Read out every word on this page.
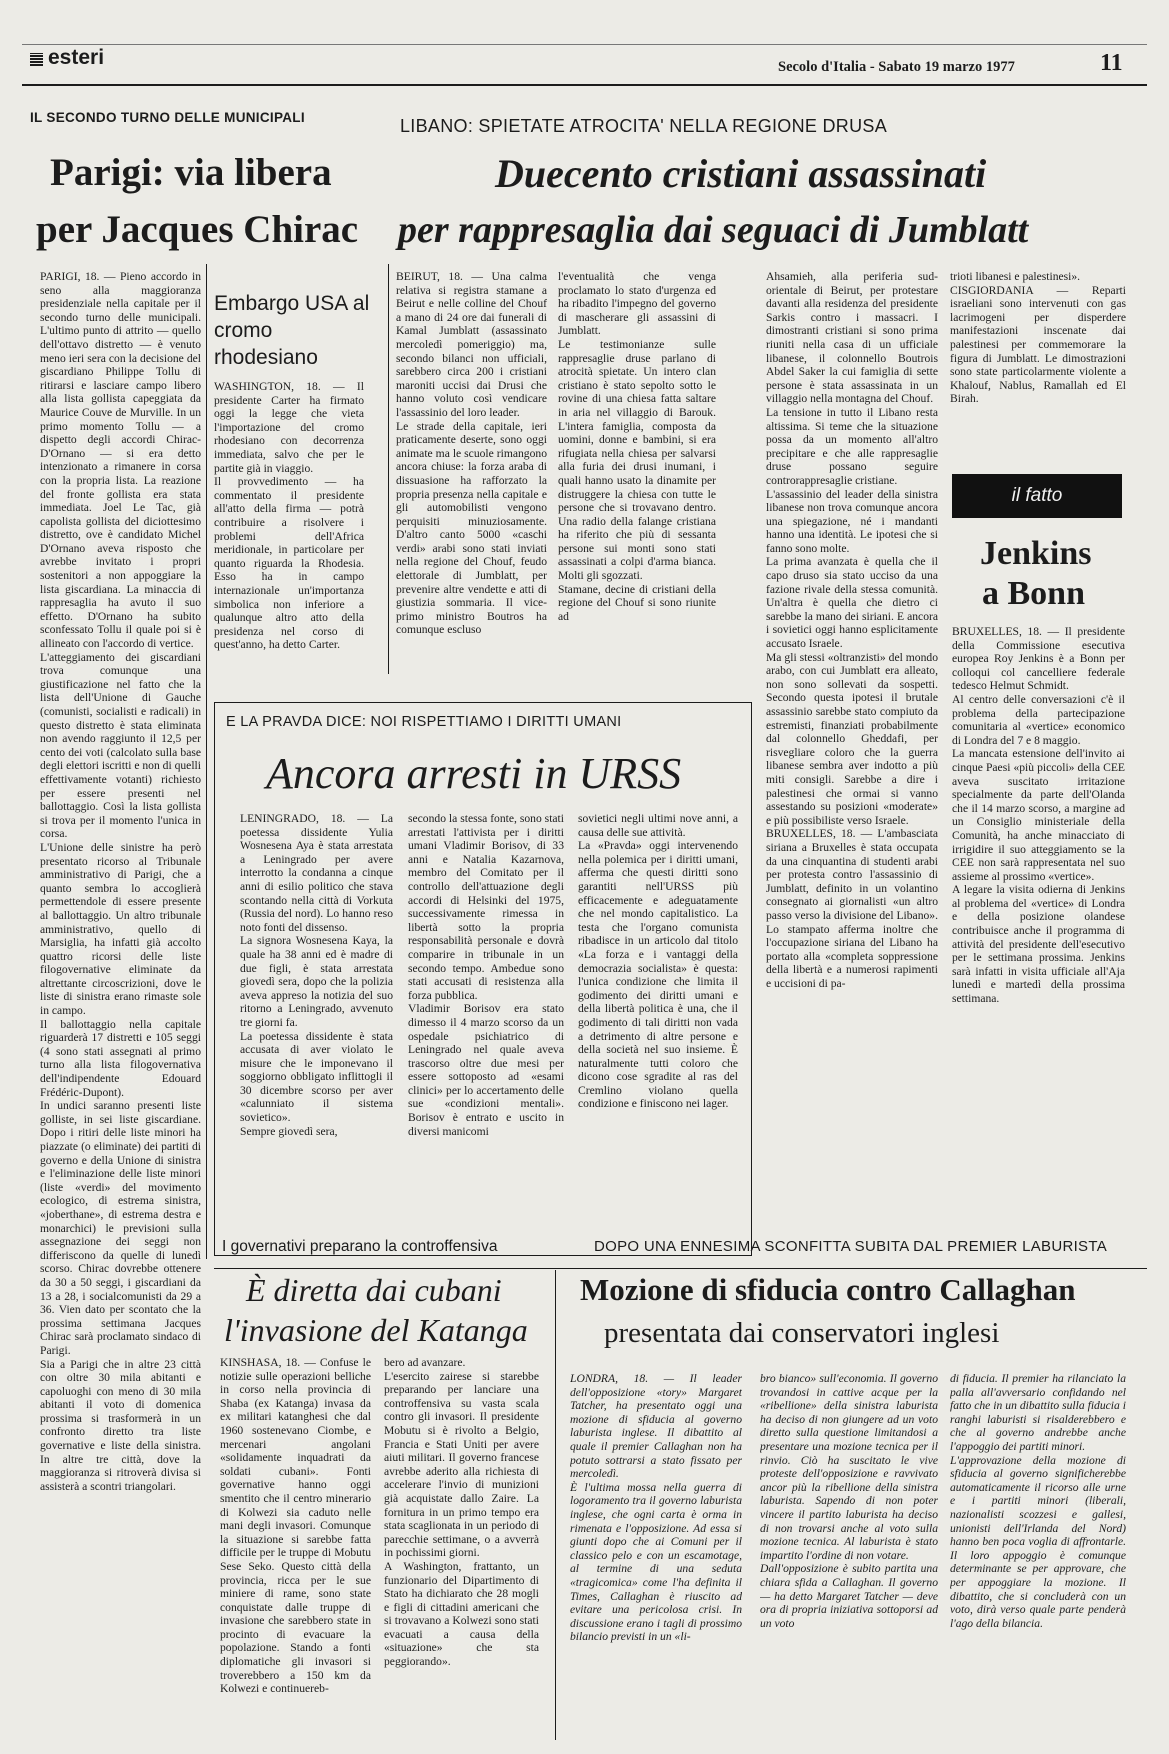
esteri	Secolo d'Italia - Sabato 19 marzo 1977	11
IL SECONDO TURNO DELLE MUNICIPALI
Parigi: via libera
per Jacques Chirac
PARIGI, 18. — Pieno accordo in seno alla maggioranza presidenziale nella capitale per il secondo turno delle municipali. L'ultimo punto di attrito — quello dell'ottavo distretto — è venuto meno ieri sera con la decisione del giscardiano Philippe Tollu di ritirarsi e lasciare campo libero alla lista gollista capeggiata da Maurice Couve de Murville. In un primo momento Tollu — a dispetto degli accordi Chirac-D'Ornano — si era detto intenzionato a rimanere in corsa con la propria lista. La reazione del fronte gollista era stata immediata. Joel Le Tac, già capolista gollista del diciottesimo distretto, ove è candidato Michel D'Ornano aveva risposto che avrebbe invitato i propri sostenitori a non appoggiare la lista giscardiana. La minaccia di rappresaglia ha avuto il suo effetto. D'Ornano ha subito sconfessato Tollu il quale poi si è allineato con l'accordo di vertice.
L'atteggiamento dei giscardiani trova comunque una giustificazione nel fatto che la lista dell'Unione di Gauche (comunisti, socialisti e radicali) in questo distretto è stata eliminata non avendo raggiunto il 12,5 per cento dei voti (calcolato sulla base degli elettori iscritti e non di quelli effettivamente votanti) richiesto per essere presenti nel ballottaggio. Così la lista gollista si trova per il momento l'unica in corsa.
L'Unione delle sinistre ha però presentato ricorso al Tribunale amministrativo di Parigi, che a quanto sembra lo accoglierà permettendole di essere presente al ballottaggio. Un altro tribunale amministrativo, quello di Marsiglia, ha infatti già accolto quattro ricorsi delle liste filogovernative eliminate da altrettante circoscrizioni, dove le liste di sinistra erano rimaste sole in campo.
Il ballottaggio nella capitale riguarderà 17 distretti e 105 seggi (4 sono stati assegnati al primo turno alla lista filogovernativa dell'indipendente Edouard Frédéric-Dupont).
In undici saranno presenti liste golliste, in sei liste giscardiane. Dopo i ritiri delle liste minori ha piazzate (o eliminate) dei partiti di governo e della Unione di sinistra e l'eliminazione delle liste minori (liste «verdi» del movimento ecologico, di estrema sinistra, «joberthane», di estrema destra e monarchici) le previsioni sulla assegnazione dei seggi non differiscono da quelle di lunedì scorso. Chirac dovrebbe ottenere da 30 a 50 seggi, i giscardiani da 13 a 28, i socialcomunisti da 29 a 36. Vien dato per scontato che la prossima settimana Jacques Chirac sarà proclamato sindaco di Parigi.
Sia a Parigi che in altre 23 città con oltre 30 mila abitanti e capoluoghi con meno di 30 mila abitanti il voto di domenica prossima si trasformerà in un confronto diretto tra liste governative e liste della sinistra. In altre tre città, dove la maggioranza si ritroverà divisa si assisterà a scontri triangolari.
Embargo USA al cromo rhodesiano
WASHINGTON, 18. — Il presidente Carter ha firmato oggi la legge che vieta l'importazione del cromo rhodesiano con decorrenza immediata, salvo che per le partite già in viaggio.
Il provvedimento — ha commentato il presidente all'atto della firma — potrà contribuire a risolvere i problemi dell'Africa meridionale, in particolare per quanto riguarda la Rhodesia. Esso ha in campo internazionale un'importanza simbolica non inferiore a qualunque altro atto della presidenza nel corso di quest'anno, ha detto Carter.
LIBANO: SPIETATE ATROCITA' NELLA REGIONE DRUSA
Duecento cristiani assassinati
per rappresaglia dai seguaci di Jumblatt
BEIRUT, 18. — Una calma relativa si registra stamane a Beirut e nelle colline del Chouf a mano di 24 ore dai funerali di Kamal Jumblatt (assassinato mercoledì pomeriggio) ma, secondo bilanci non ufficiali, sarebbero circa 200 i cristiani maroniti uccisi dai Drusi che hanno voluto così vendicare l'assassinio del loro leader.
Le strade della capitale, ieri praticamente deserte, sono oggi animate ma le scuole rimangono ancora chiuse: la forza araba di dissuasione ha rafforzato la propria presenza nella capitale e gli automobilisti vengono perquisiti minuziosamente. D'altro canto 5000 «caschi verdi» arabi sono stati inviati nella regione del Chouf, feudo elettorale di Jumblatt, per prevenire altre vendette e atti di giustizia sommaria. Il vice-primo ministro Boutros ha comunque escluso
l'eventualità che venga proclamato lo stato d'urgenza ed ha ribadito l'impegno del governo di mascherare gli assassini di Jumblatt.
Le testimonianze sulle rappresaglie druse parlano di atrocità spietate. Un intero clan cristiano è stato sepolto sotto le rovine di una chiesa fatta saltare in aria nel villaggio di Barouk. L'intera famiglia, composta da uomini, donne e bambini, si era rifugiata nella chiesa per salvarsi alla furia dei drusi inumani, i quali hanno usato la dinamite per distruggere la chiesa con tutte le persone che si trovavano dentro. Una radio della falange cristiana ha riferito che più di sessanta persone sui monti sono stati assassinati a colpi d'arma bianca. Molti gli sgozzati.
Stamane, decine di cristiani della regione del Chouf si sono riunite ad
Ahsamieh, alla periferia sud-orientale di Beirut, per protestare davanti alla residenza del presidente Sarkis contro i massacri. I dimostranti cristiani si sono prima riuniti nella casa di un ufficiale libanese, il colonnello Boutrois Abdel Saker la cui famiglia di sette persone è stata assassinata in un villaggio nella montagna del Chouf.
La tensione in tutto il Libano resta altissima. Si teme che la situazione possa da un momento all'altro precipitare e che alle rappresaglie druse possano seguire controrappresaglie cristiane.
L'assassinio del leader della sinistra libanese non trova comunque ancora una spiegazione, né i mandanti hanno una identità. Le ipotesi che si fanno sono molte.
La prima avanzata è quella che il capo druso sia stato ucciso da una fazione rivale della stessa comunità. Un'altra è quella che dietro ci sarebbe la mano dei siriani. E ancora i sovietici oggi hanno esplicitamente accusato Israele.
Ma gli stessi «oltranzisti» del mondo arabo, con cui Jumblatt era alleato, non sono sollevati da sospetti. Secondo questa ipotesi il brutale assassinio sarebbe stato compiuto da estremisti, finanziati probabilmente dal colonnello Gheddafi, per risvegliare coloro che la guerra libanese sembra aver indotto a più miti consigli. Sarebbe a dire i palestinesi che ormai si vanno assestando su posizioni «moderate» e più possibiliste verso Israele.
BRUXELLES, 18. — L'ambasciata siriana a Bruxelles è stata occupata da una cinquantina di studenti arabi per protesta contro l'assassinio di Jumblatt, definito in un volantino consegnato ai giornalisti «un altro passo verso la divisione del Libano». Lo stampato afferma inoltre che l'occupazione siriana del Libano ha portato alla «completa soppressione della libertà e a numerosi rapimenti e uccisioni di pa-
trioti libanesi e palestinesi».
CISGIORDANIA — Reparti israeliani sono intervenuti con gas lacrimogeni per disperdere manifestazioni inscenate dai palestinesi per commemorare la figura di Jumblatt. Le dimostrazioni sono state particolarmente violente a Khalouf, Nablus, Ramallah ed El Birah.
il fatto
Jenkins
a Bonn
BRUXELLES, 18. — Il presidente della Commissione esecutiva europea Roy Jenkins è a Bonn per colloqui col cancelliere federale tedesco Helmut Schmidt.
Al centro delle conversazioni c'è il problema della partecipazione comunitaria al «vertice» economico di Londra del 7 e 8 maggio.
La mancata estensione dell'invito ai cinque Paesi «più piccoli» della CEE aveva suscitato irritazione specialmente da parte dell'Olanda che il 14 marzo scorso, a margine ad un Consiglio ministeriale della Comunità, ha anche minacciato di irrigidire il suo atteggiamento se la CEE non sarà rappresentata nel suo assieme al prossimo «vertice».
A legare la visita odierna di Jenkins al problema del «vertice» di Londra e della posizione olandese contribuisce anche il programma di attività del presidente dell'esecutivo per le settimana prossima. Jenkins sarà infatti in visita ufficiale all'Aja lunedì e martedì della prossima settimana.
E LA PRAVDA DICE: NOI RISPETTIAMO I DIRITTI UMANI
Ancora arresti in URSS
LENINGRADO, 18. — La poetessa dissidente Yulia Wosnesena Aya è stata arrestata a Leningrado per avere interrotto la condanna a cinque anni di esilio politico che stava scontando nella città di Vorkuta (Russia del nord). Lo hanno reso noto fonti del dissenso.
La signora Wosnesena Kaya, la quale ha 38 anni ed è madre di due figli, è stata arrestata giovedì sera, dopo che la polizia aveva appreso la notizia del suo ritorno a Leningrado, avvenuto tre giorni fa.
La poetessa dissidente è stata accusata di aver violato le misure che le imponevano il soggiorno obbligato inflittogli il 30 dicembre scorso per aver «calunniato il sistema sovietico».
Sempre giovedì sera,
secondo la stessa fonte, sono stati arrestati l'attivista per i diritti umani Vladimir Borisov, di 33 anni e Natalia Kazarnova, membro del Comitato per il controllo dell'attuazione degli accordi di Helsinki del 1975, successivamente rimessa in libertà sotto la propria responsabilità personale e dovrà comparire in tribunale in un secondo tempo. Ambedue sono stati accusati di resistenza alla forza pubblica.
Vladimir Borisov era stato dimesso il 4 marzo scorso da un ospedale psichiatrico di Leningrado nel quale aveva trascorso oltre due mesi per essere sottoposto ad «esami clinici» per lo accertamento delle sue «condizioni mentali». Borisov è entrato e uscito in diversi manicomi
sovietici negli ultimi nove anni, a causa delle sue attività.
La «Pravda» oggi intervenendo nella polemica per i diritti umani, afferma che questi diritti sono garantiti nell'URSS più efficacemente e adeguatamente che nel mondo capitalistico. La testa che l'organo comunista ribadisce in un articolo dal titolo «La forza e i vantaggi della democrazia socialista» è questa: l'unica condizione che limita il godimento dei diritti umani e della libertà politica è una, che il godimento di tali diritti non vada a detrimento di altre persone e della società nel suo insieme. È naturalmente tutti coloro che dicono cose sgradite al ras del Cremlino violano quella condizione e finiscono nei lager.
I governativi preparano la controffensiva
È diretta dai cubani
l'invasione del Katanga
KINSHASA, 18. — Confuse le notizie sulle operazioni belliche in corso nella provincia di Shaba (ex Katanga) invasa da ex militari katanghesi che dal 1960 sostenevano Ciombe, e mercenari angolani «solidamente inquadrati da soldati cubani». Fonti governative hanno oggi smentito che il centro minerario di Kolwezi sia caduto nelle mani degli invasori. Comunque la situazione si sarebbe fatta difficile per le truppe di Mobutu Sese Seko. Questo città della provincia, ricca per le sue miniere di rame, sono state conquistate dalle truppe di invasione che sarebbero state in procinto di evacuare la popolazione. Stando a fonti diplomatiche gli invasori si troverebbero a 150 km da Kolwezi e continuereb-
bero ad avanzare.
L'esercito zairese si starebbe preparando per lanciare una controffensiva su vasta scala contro gli invasori. Il presidente Mobutu si è rivolto a Belgio, Francia e Stati Uniti per avere aiuti militari. Il governo francese avrebbe aderito alla richiesta di accelerare l'invio di munizioni già acquistate dallo Zaire. La fornitura in un primo tempo era stata scaglionata in un periodo di parecchie settimane, o a avverrà in pochissimi giorni.
A Washington, frattanto, un funzionario del Dipartimento di Stato ha dichiarato che 28 mogli e figli di cittadini americani che si trovavano a Kolwezi sono stati evacuati a causa della «situazione» che sta peggiorando».
DOPO UNA ENNESIMA SCONFITTA SUBITA DAL PREMIER LABURISTA
Mozione di sfiducia contro Callaghan
presentata dai conservatori inglesi
LONDRA, 18. — Il leader dell'opposizione «tory» Margaret Tatcher, ha presentato oggi una mozione di sfiducia al governo laburista inglese. Il dibattito al quale il premier Callaghan non ha potuto sottrarsi a stato fissato per mercoledì.
È l'ultima mossa nella guerra di logoramento tra il governo laburista inglese, che ogni carta è orma in rimenata e l'opposizione. Ad essa si giunti dopo che ai Comuni per il classico pelo e con un escamotage, al termine di una seduta «tragicomica» come l'ha definita il Times, Callaghan è riuscito ad evitare una pericolosa crisi. In discussione erano i tagli di prossimo bilancio previsti in un «li-
bro bianco» sull'economia. Il governo trovandosi in cattive acque per la «ribellione» della sinistra laburista ha deciso di non giungere ad un voto diretto sulla questione limitandosi a presentare una mozione tecnica per il rinvio. Ciò ha suscitato le vive proteste dell'opposizione e ravvivato ancor più la ribellione della sinistra laburista. Sapendo di non poter vincere il partito laburista ha deciso di non trovarsi anche al voto sulla mozione tecnica. Al laburista è stato impartito l'ordine di non votare.
Dall'opposizione è subito partita una chiara sfida a Callaghan. Il governo — ha detto Margaret Tatcher — deve ora di propria iniziativa sottoporsi ad un voto
di fiducia. Il premier ha rilanciato la palla all'avversario confidando nel fatto che in un dibattito sulla fiducia i ranghi laburisti si risalderebbero e che al governo andrebbe anche l'appoggio dei partiti minori.
L'approvazione della mozione di sfiducia al governo significherebbe automaticamente il ricorso alle urne e i partiti minori (liberali, nazionalisti scozzesi e gallesi, unionisti dell'Irlanda del Nord) hanno ben poca voglia di affrontarle. Il loro appoggio è comunque determinante se per approvare, che per appoggiare la mozione. Il dibattito, che si concluderà con un voto, dirà verso quale parte penderà l'ago della bilancia.
